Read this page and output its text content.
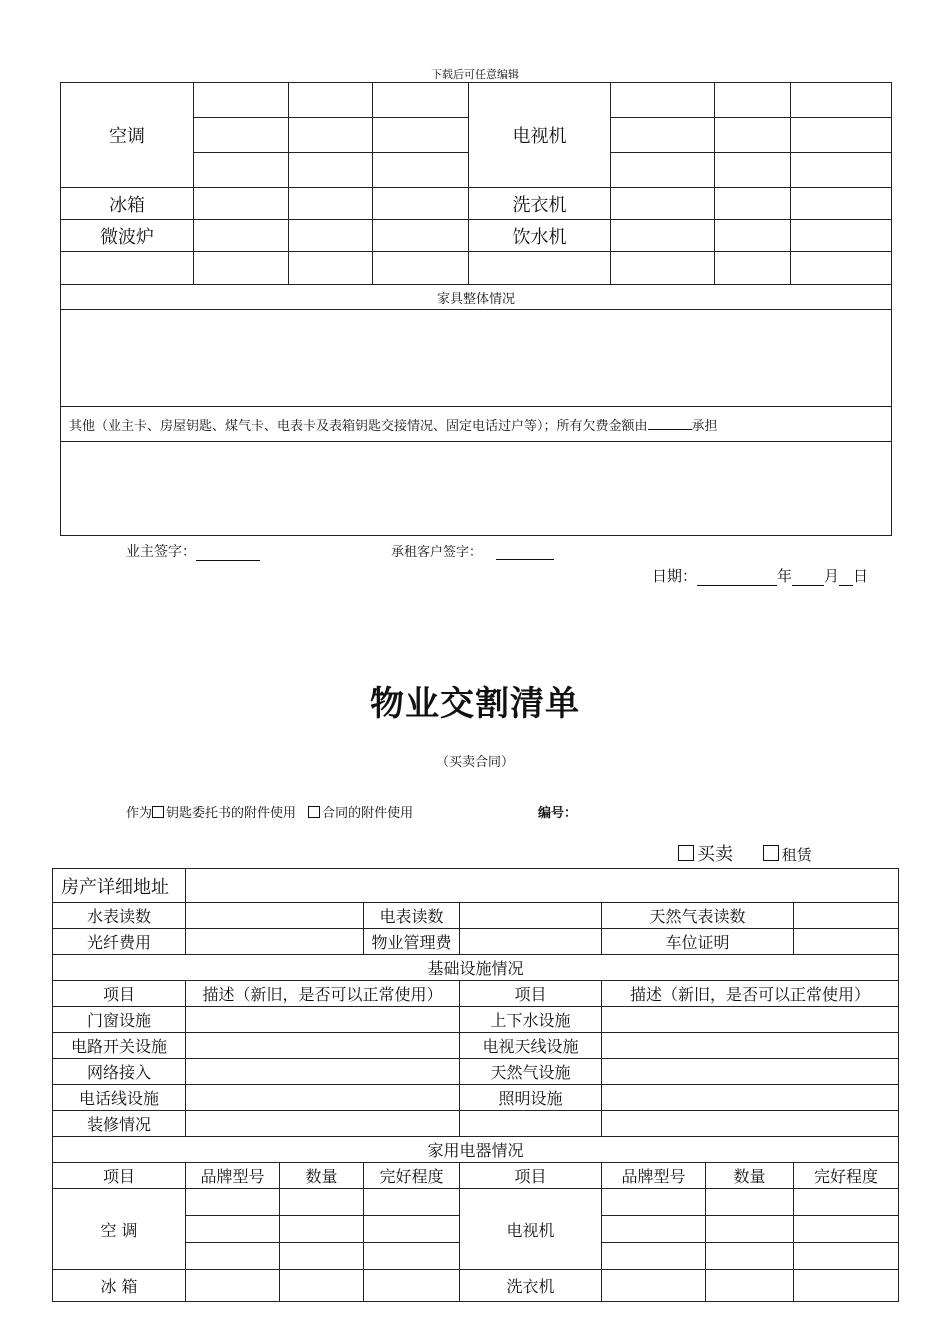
下载后可任意编辑
空调				电视机			

冰箱				洗衣机			
微波炉				饮水机			

家具整体情况							

其他（业主卡、房屋钥匙、煤气卡、电表卡及表箱钥匙交接情况、固定电话过户等）；所有欠费金额由 承担							

业主签字：	承租客户签字：
日期：	年 月 日
物业交割清单
（买卖合同）
作为 钥匙委托书的附件使用 合同的附件使用	编号：
买卖	租赁
房产详细地址							
水表读数			电表读数		天然气表读数		
光纤费用			物业管理费		车位证明		
基础设施情况							
项目	描述（新旧，是否可以正常使用）			项目	描述（新旧，是否可以正常使用）		
门窗设施				上下水设施			
电路开关设施				电视天线设施			
网络接入				天然气设施			
电话线设施				照明设施			
装修情况							
家用电器情况							
项目	品牌型号	数量	完好程度	项目	品牌型号	数量	完好程度
空 调				电视机			

冰 箱				洗衣机			
